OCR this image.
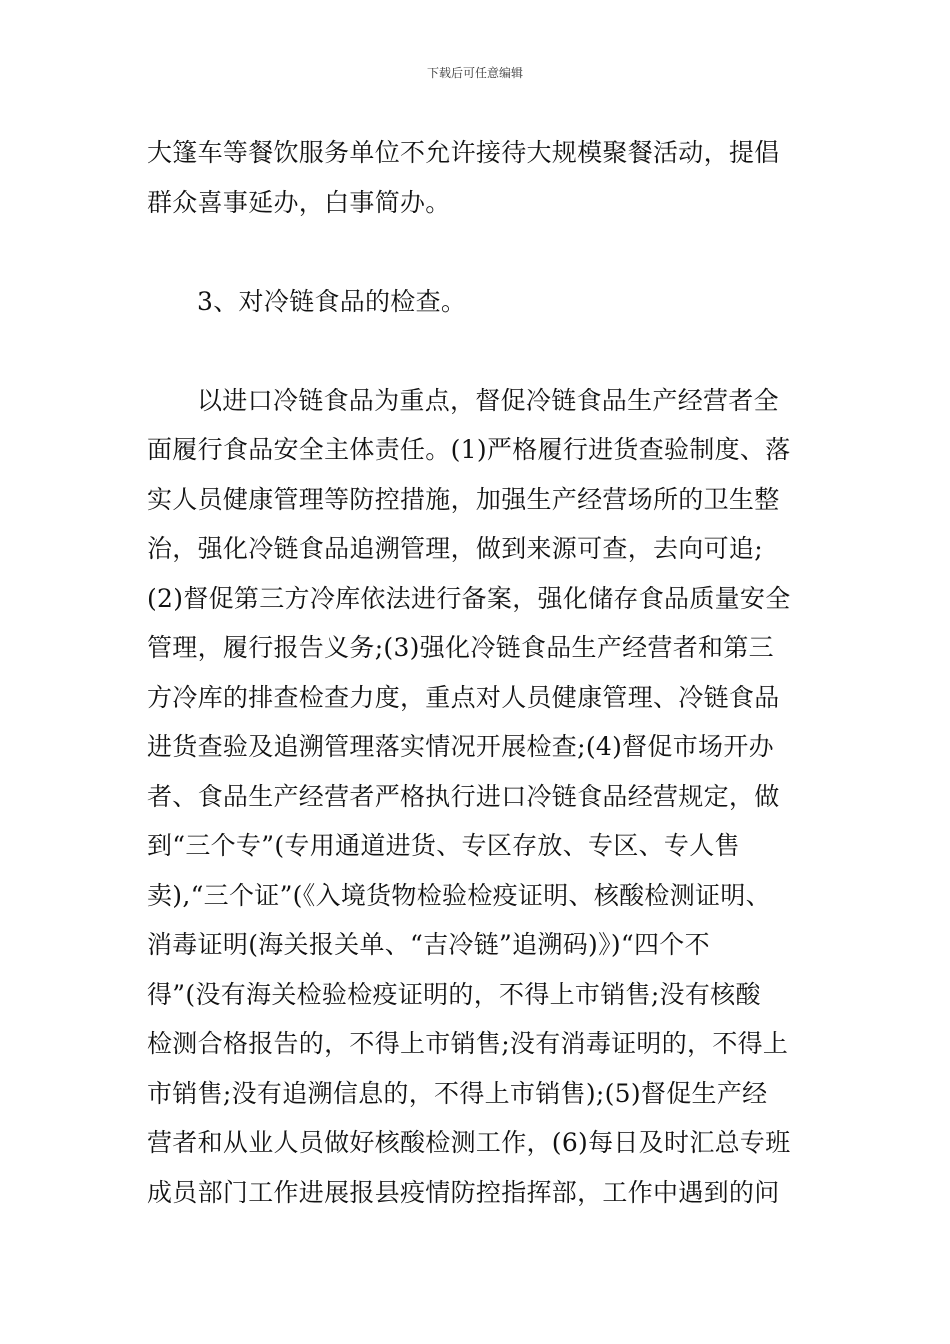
下载后可任意编辑
大篷车等餐饮服务单位不允许接待大规模聚餐活动，提倡
群众喜事延办，白事简办。
3、对冷链食品的检查。
以进口冷链食品为重点，督促冷链食品生产经营者全
面履行食品安全主体责任。(1)严格履行进货查验制度、落
实人员健康管理等防控措施，加强生产经营场所的卫生整
治，强化冷链食品追溯管理，做到来源可查，去向可追;
(2)督促第三方冷库依法进行备案，强化储存食品质量安全
管理，履行报告义务;(3)强化冷链食品生产经营者和第三
方冷库的排查检查力度，重点对人员健康管理、冷链食品
进货查验及追溯管理落实情况开展检查;(4)督促市场开办
者、食品生产经营者严格执行进口冷链食品经营规定，做
到“三个专”(专用通道进货、专区存放、专区、专人售
卖),“三个证”(《入境货物检验检疫证明、核酸检测证明、
消毒证明(海关报关单、“吉冷链”追溯码)》)“四个不
得”(没有海关检验检疫证明的，不得上市销售;没有核酸
检测合格报告的，不得上市销售;没有消毒证明的，不得上
市销售;没有追溯信息的，不得上市销售);(5)督促生产经
营者和从业人员做好核酸检测工作，(6)每日及时汇总专班
成员部门工作进展报县疫情防控指挥部，工作中遇到的问
